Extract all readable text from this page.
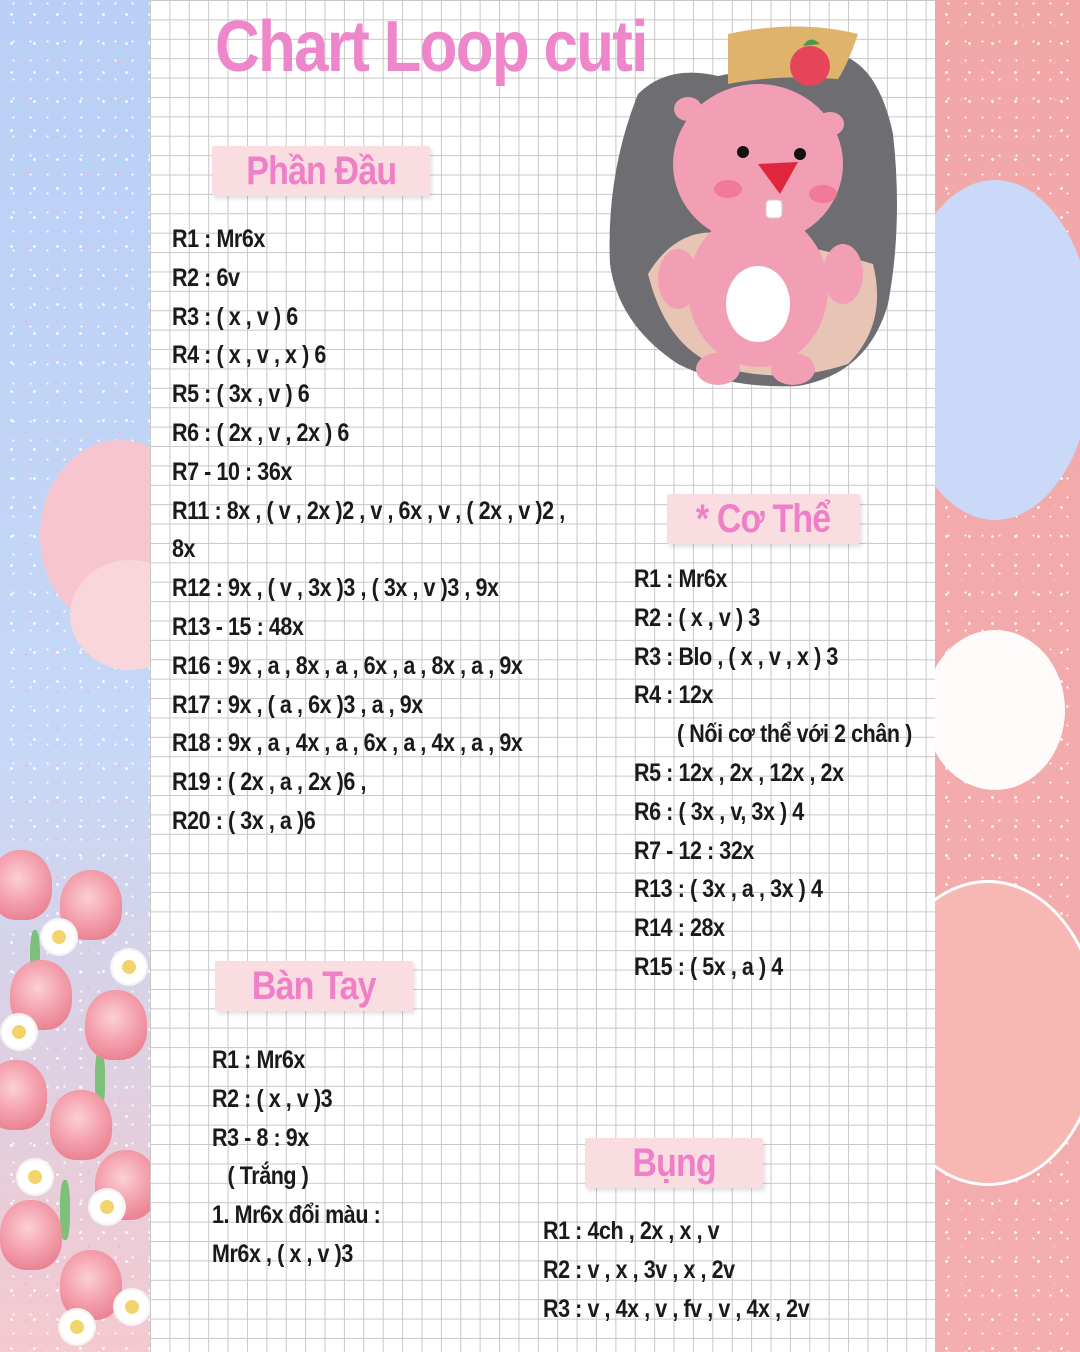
Chart Loop cuti
Phần Đầu
R1 : Mr6x
R2 : 6v
R3 : ( x , v ) 6
R4 : ( x , v , x ) 6
R5 : ( 3x , v ) 6
R6 : ( 2x , v , 2x ) 6
R7 - 10 : 36x
R11 : 8x , ( v , 2x )2 , v , 6x , v , ( 2x , v )2 ,
8x
R12 : 9x , ( v , 3x )3 , ( 3x , v )3 , 9x
R13 - 15 : 48x
R16 : 9x , a , 8x , a , 6x , a , 8x , a , 9x
R17 : 9x , ( a , 6x )3 , a , 9x
R18 : 9x , a , 4x , a , 6x , a , 4x , a , 9x
R19 : ( 2x , a , 2x )6 ,
R20 : ( 3x , a )6
* Cơ Thể
R1 : Mr6x
R2 : ( x , v ) 3
R3 : Blo , ( x , v , x ) 3
R4 : 12x
( Nối cơ thể với 2 chân )
R5 : 12x , 2x , 12x , 2x
R6 : ( 3x , v, 3x ) 4
R7 - 12 : 32x
R13 : ( 3x , a , 3x ) 4
R14 : 28x
R15 : ( 5x , a ) 4
Bàn Tay
R1 : Mr6x
R2 : ( x , v )3
R3 - 8 : 9x
( Trắng )
1. Mr6x đổi màu :
Mr6x , ( x , v )3
Bụng
R1 : 4ch , 2x , x , v
R2 : v , x , 3v , x , 2v
R3 : v , 4x , v , fv , v , 4x , 2v
